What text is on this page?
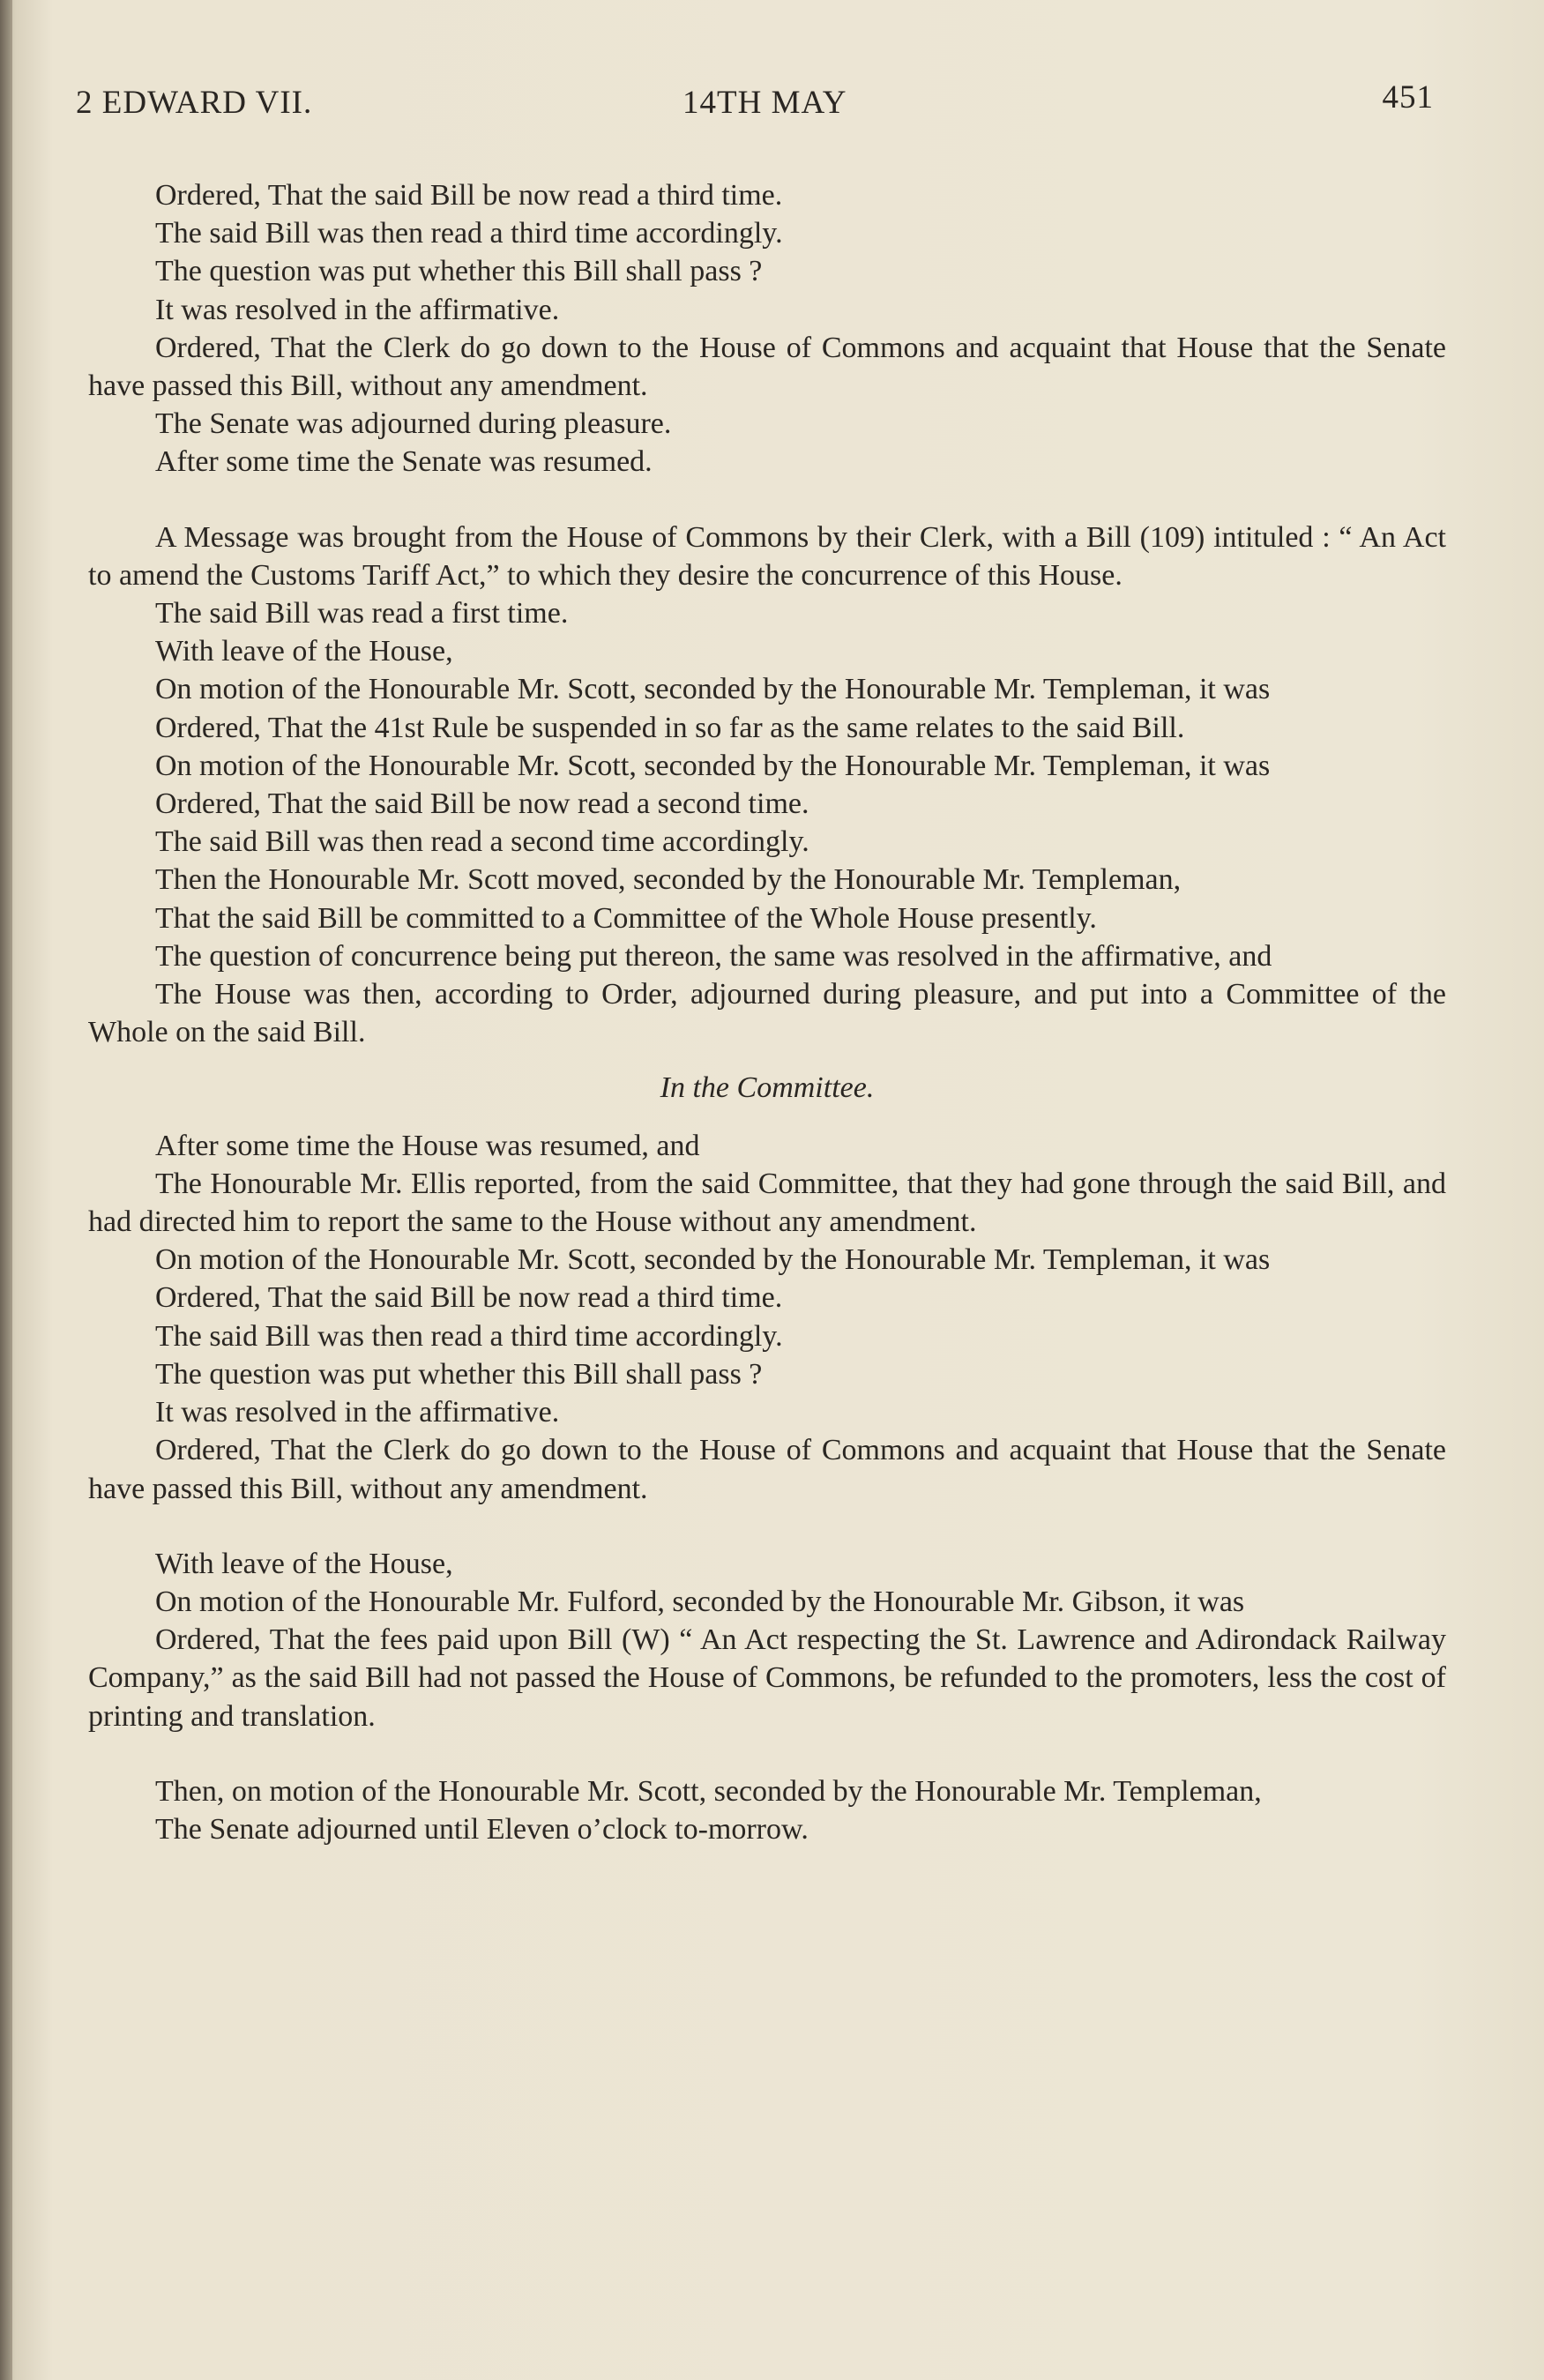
2 EDWARD VII.	14TH MAY	451

Ordered, That the said Bill be now read a third time.

The said Bill was then read a third time accordingly.

The question was put whether this Bill shall pass ?

It was resolved in the affirmative.

Ordered, That the Clerk do go down to the House of Commons and acquaint that House that the Senate have passed this Bill, without any amendment.

The Senate was adjourned during pleasure.

After some time the Senate was resumed.

A Message was brought from the House of Commons by their Clerk, with a Bill (109) intituled : “ An Act to amend the Customs Tariff Act,” to which they desire the concurrence of this House.

The said Bill was read a first time.

With leave of the House,

On motion of the Honourable Mr. Scott, seconded by the Honourable Mr. Templeman, it was

Ordered, That the 41st Rule be suspended in so far as the same relates to the said Bill.

On motion of the Honourable Mr. Scott, seconded by the Honourable Mr. Templeman, it was

Ordered, That the said Bill be now read a second time.

The said Bill was then read a second time accordingly.

Then the Honourable Mr. Scott moved, seconded by the Honourable Mr. Templeman,

That the said Bill be committed to a Committee of the Whole House presently.

The question of concurrence being put thereon, the same was resolved in the affirmative, and

The House was then, according to Order, adjourned during pleasure, and put into a Committee of the Whole on the said Bill.

In the Committee.

After some time the House was resumed, and

The Honourable Mr. Ellis reported, from the said Committee, that they had gone through the said Bill, and had directed him to report the same to the House without any amendment.

On motion of the Honourable Mr. Scott, seconded by the Honourable Mr. Templeman, it was

Ordered, That the said Bill be now read a third time.

The said Bill was then read a third time accordingly.

The question was put whether this Bill shall pass ?

It was resolved in the affirmative.

Ordered, That the Clerk do go down to the House of Commons and acquaint that House that the Senate have passed this Bill, without any amendment.

With leave of the House,

On motion of the Honourable Mr. Fulford, seconded by the Honourable Mr. Gibson, it was

Ordered, That the fees paid upon Bill (W) “ An Act respecting the St. Lawrence and Adirondack Railway Company,” as the said Bill had not passed the House of Commons, be refunded to the promoters, less the cost of printing and translation.

Then, on motion of the Honourable Mr. Scott, seconded by the Honourable Mr. Templeman,

The Senate adjourned until Eleven o’clock to-morrow.
